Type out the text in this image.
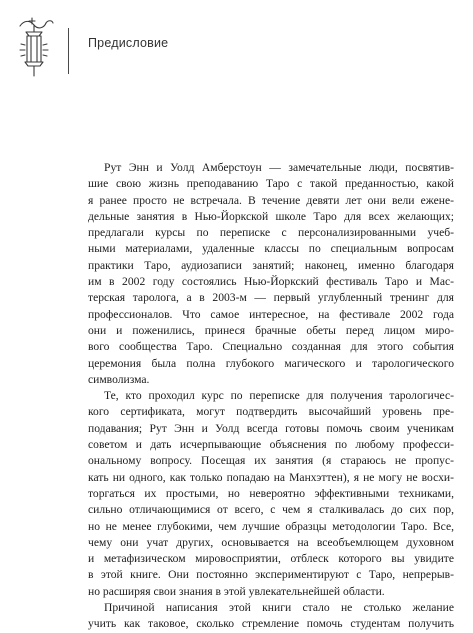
Предисловие

Рут Энн и Уолд Амберстоун — замечательные люди, посвятив-
шие свою жизнь преподаванию Таро с такой преданностью, какой
я ранее просто не встречала. В течение девяти лет они вели еженe-
дельные занятия в Нью-Йоркской школе Таро для всех желающих;
предлагали курсы по переписке с персонализированными учеб-
ными материалами, удаленные классы по специальным вопросам
практики Таро, аудиозаписи занятий; наконец, именно благодаря
им в 2002 году состоялись Нью-Йоркский фестиваль Таро и Мас-
терская таролога, а в 2003-м — первый углубленный тренинг для
профессионалов. Что самое интересное, на фестивале 2002 года
они и поженились, принеся брачные обеты перед лицом миро-
вого сообщества Таро. Специально созданная для этого события
церемония была полна глубокого магического и тарологического
символизма.

Те, кто проходил курс по переписке для получения тарологичес-
кого сертификата, могут подтвердить высочайший уровень пре-
подавания; Рут Энн и Уолд всегда готовы помочь своим ученикам
советом и дать исчерпывающие объяснения по любому професси-
ональному вопросу. Посещая их занятия (я стараюсь не пропус-
кать ни одного, как только попадаю на Манхэттен), я не могу не восхи-
торгаться их простыми, но невероятно эффективными техниками,
сильно отличающимися от всего, с чем я сталкивалась до сих пор,
но не менее глубокими, чем лучшие образцы методологии Таро. Все,
чему они учат других, основывается на всеобъемлющем духовном
и метафизическом мировосприятии, отблеск которого вы увидите
в этой книге. Они постоянно экспериментируют с Таро, непрерыв-
но расширяя свои знания в этой увлекательнейшей области.

Причиной написания этой книги стало не столько желание
учить как таковое, сколько стремление помочь студентам получить
